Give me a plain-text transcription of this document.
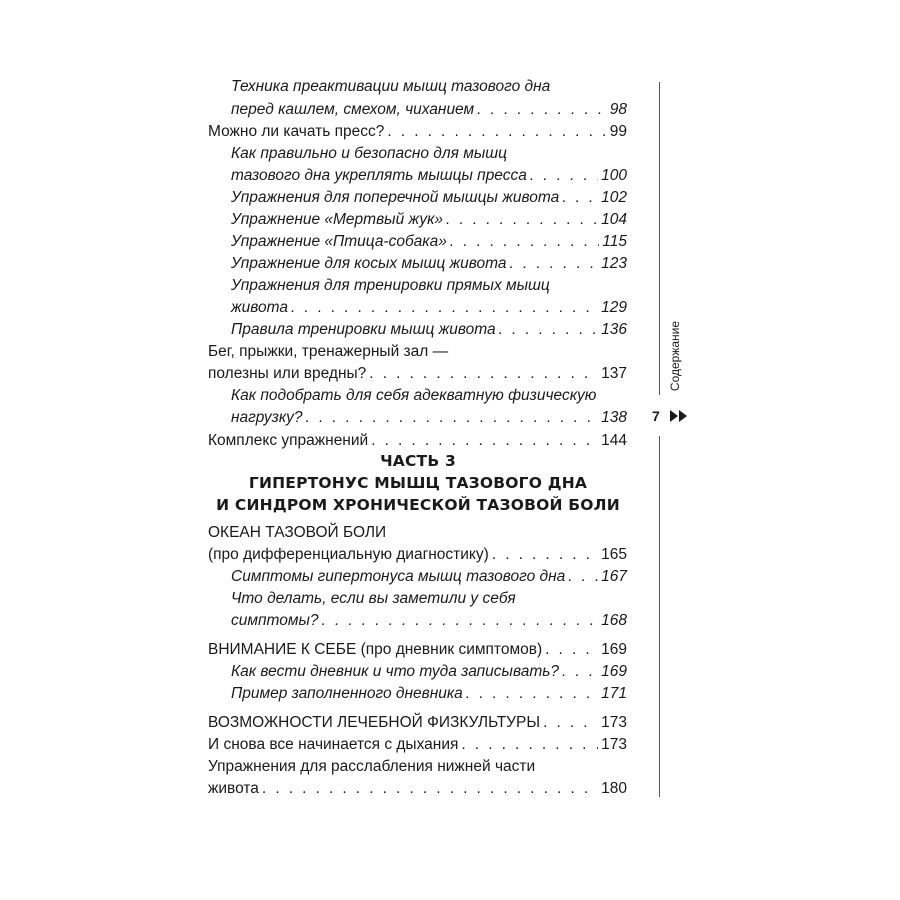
Техника преактивации мышц тазового дна
перед кашлем, смехом, чиханием . . .	98
Можно ли качать пресс? . . .	99
Как правильно и безопасно для мышц
тазового дна укреплять мышцы пресса . . .	100
Упражнения для поперечной мышцы живота . . .	102
Упражнение «Мертвый жук» . . .	104
Упражнение «Птица-собака» . . .	115
Упражнение для косых мышц живота . . .	123
Упражнения для тренировки прямых мышц
живота . . .	129
Правила тренировки мышц живота . . .	136
Бег, прыжки, тренажерный зал —
полезны или вредны? . . .	137
Как подобрать для себя адекватную физическую
нагрузку? . . .	138
Комплекс упражнений . . .	144
ЧАСТЬ 3
ГИПЕРТОНУС МЫШЦ ТАЗОВОГО ДНА
И СИНДРОМ ХРОНИЧЕСКОЙ ТАЗОВОЙ БОЛИ
ОКЕАН ТАЗОВОЙ БОЛИ
(про дифференциальную диагностику) . . .	165
Симптомы гипертонуса мышц тазового дна . . . 167
Что делать, если вы заметили у себя
симптомы? . . .	168
ВНИМАНИЕ К СЕБЕ (про дневник симптомов) . . .	169
Как вести дневник и что туда записывать? . . .	169
Пример заполненного дневника . . .	171
ВОЗМОЖНОСТИ ЛЕЧЕБНОЙ ФИЗКУЛЬТУРЫ . . .	173
И снова все начинается с дыхания . . .	173
Упражнения для расслабления нижней части
живота . . .	180
Содержание
7
